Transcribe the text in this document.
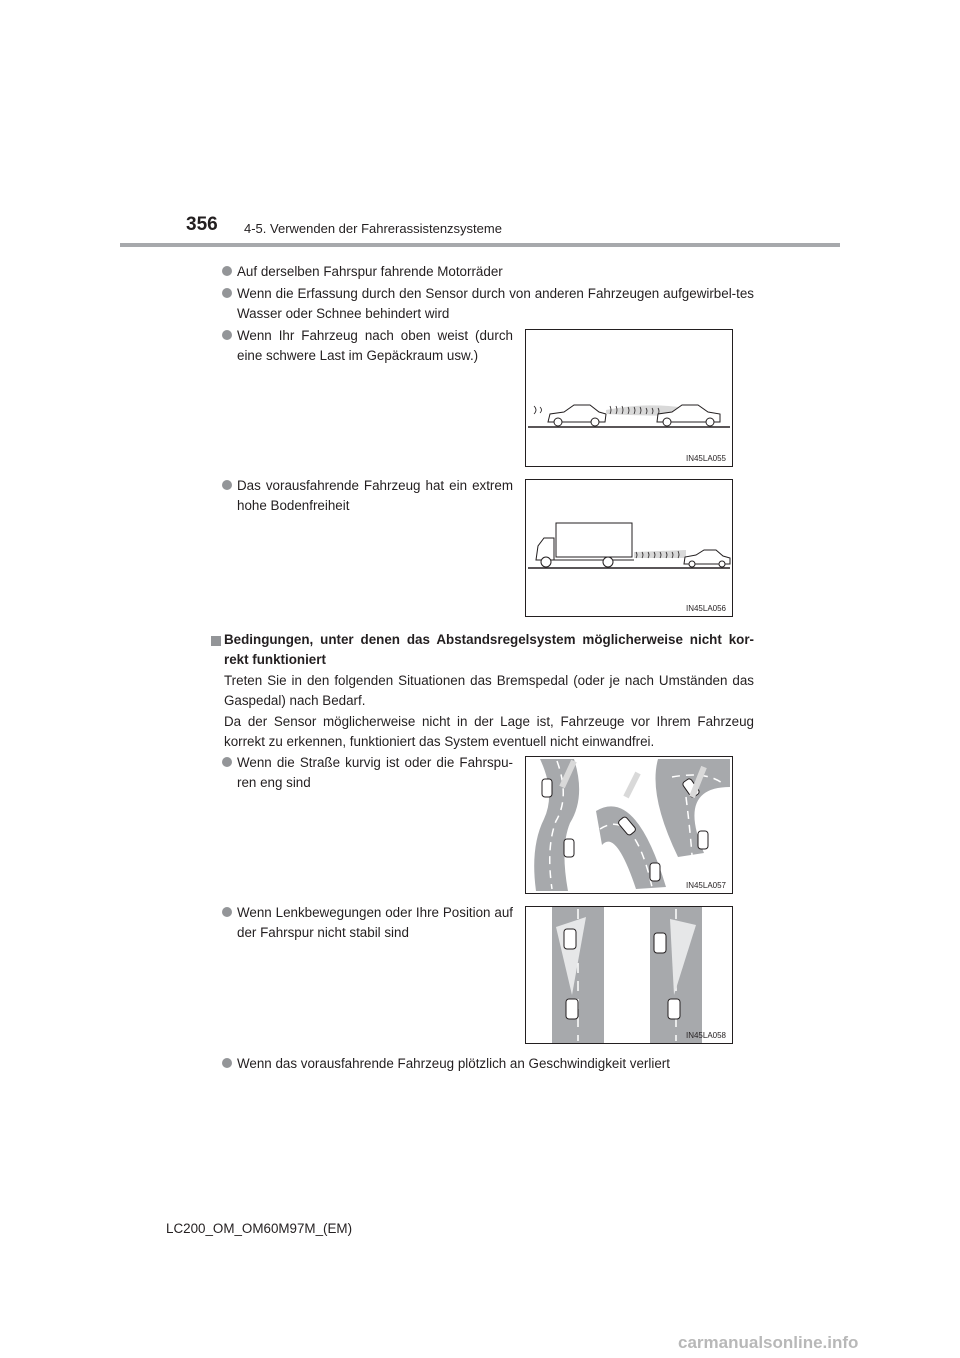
356 4-5. Verwenden der Fahrerassistenzsysteme
Auf derselben Fahrspur fahrende Motorräder
Wenn die Erfassung durch den Sensor durch von anderen Fahrzeugen aufgewirbel-tes Wasser oder Schnee behindert wird
Wenn Ihr Fahrzeug nach oben weist (durch eine schwere Last im Gepäckraum usw.)
IN45LA055
Das vorausfahrende Fahrzeug hat ein extrem hohe Bodenfreiheit
IN45LA056
Bedingungen, unter denen das Abstandsregelsystem möglicherweise nicht kor-rekt funktioniert
Treten Sie in den folgenden Situationen das Bremspedal (oder je nach Umständen das Gaspedal) nach Bedarf.
Da der Sensor möglicherweise nicht in der Lage ist, Fahrzeuge vor Ihrem Fahrzeug korrekt zu erkennen, funktioniert das System eventuell nicht einwandfrei.
Wenn die Straße kurvig ist oder die Fahrspu-ren eng sind
IN45LA057
Wenn Lenkbewegungen oder Ihre Position auf der Fahrspur nicht stabil sind
IN45LA058
Wenn das vorausfahrende Fahrzeug plötzlich an Geschwindigkeit verliert
LC200_OM_OM60M97M_(EM)
carmanualsonline.info
